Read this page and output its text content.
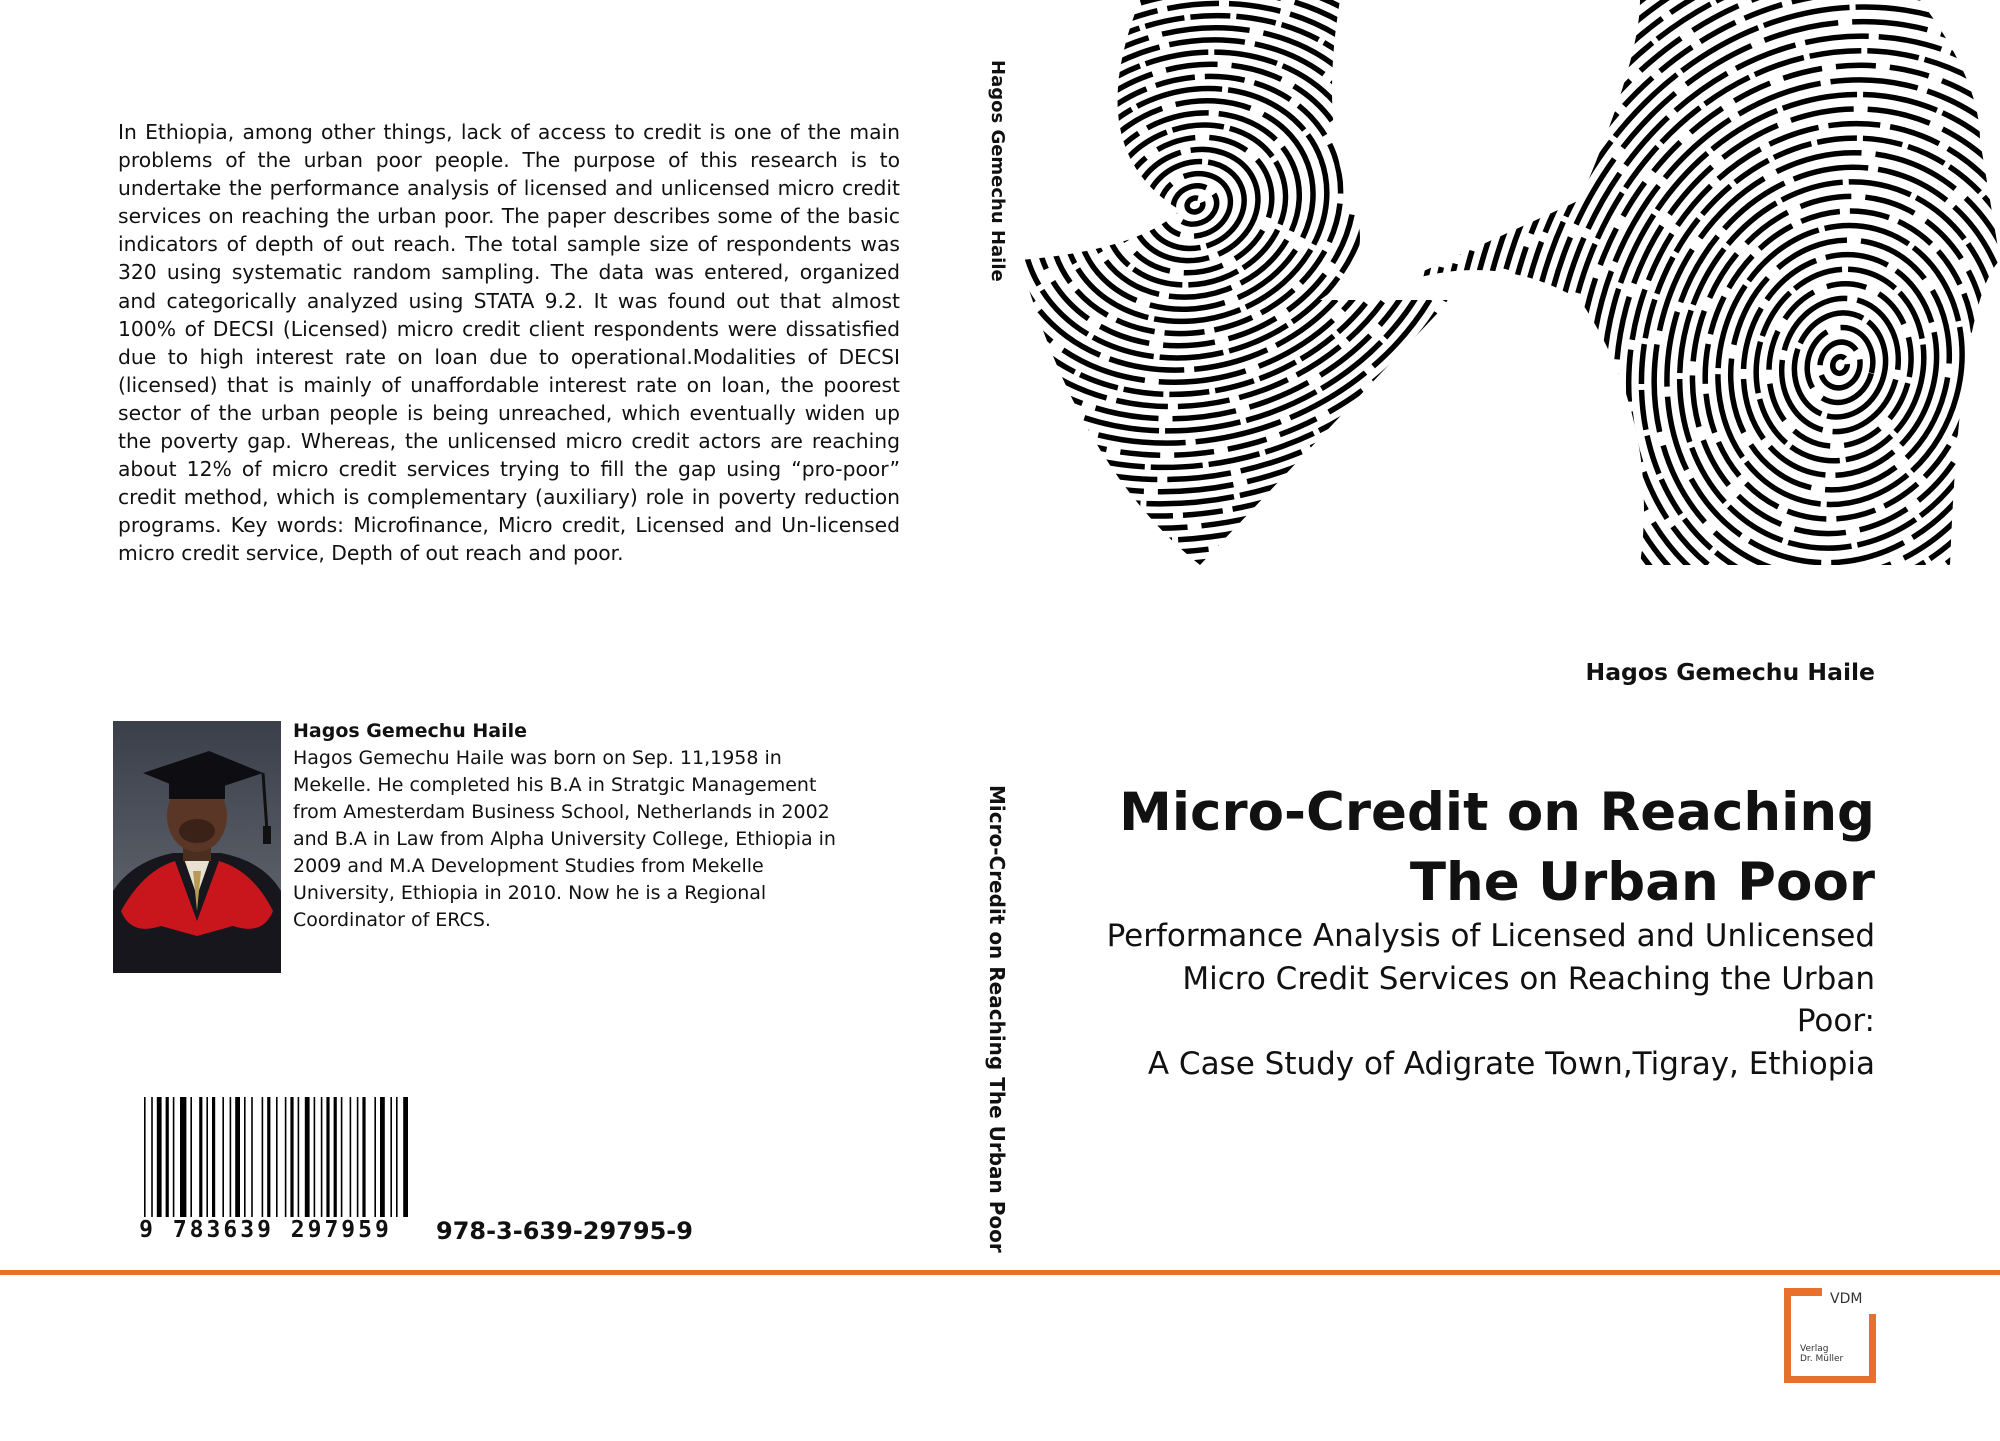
In Ethiopia, among other things, lack of access to credit is one of the main problems of the urban poor people. The purpose of this research is to undertake the performance analysis of licensed and unlicensed micro credit services on reaching the urban poor. The paper describes some of the basic indicators of depth of out reach. The total sample size of respondents was 320 using systematic random sampling. The data was entered, organized and categorically analyzed using STATA 9.2. It was found out that almost 100% of DECSI (Licensed) micro credit client respondents were dissatisfied due to high interest rate on loan due to operational.Modalities of DECSI (licensed) that is mainly of unaffordable interest rate on loan, the poorest sector of the urban people is being unreached, which eventually widen up the poverty gap. Whereas, the unlicensed micro credit actors are reaching about 12% of micro credit services trying to fill the gap using “pro-poor” credit method, which is complementary (auxiliary) role in poverty reduction programs. Key words: Microfinance, Micro credit, Licensed and Un-licensed micro credit service, Depth of out reach and poor.

Hagos Gemechu Haile
Hagos Gemechu Haile was born on Sep. 11,1958 in Mekelle. He completed his B.A in Stratgic Management from Amesterdam Business School, Netherlands in 2002 and B.A in Law from Alpha University College, Ethiopia in 2009 and M.A Development Studies from Mekelle University, Ethiopia in 2010. Now he is a Regional Coordinator of ERCS.
9 783639 297959	978-3-639-29795-9
Hagos Gemechu Haile
Micro-Credit on Reaching The Urban Poor
Hagos Gemechu Haile
Micro-Credit on Reaching
The Urban Poor
Performance Analysis of Licensed and Unlicensed
Micro Credit Services on Reaching the Urban
Poor:
A Case Study of Adigrate Town,Tigray, Ethiopia
VDM
Verlag
Dr. Müller
